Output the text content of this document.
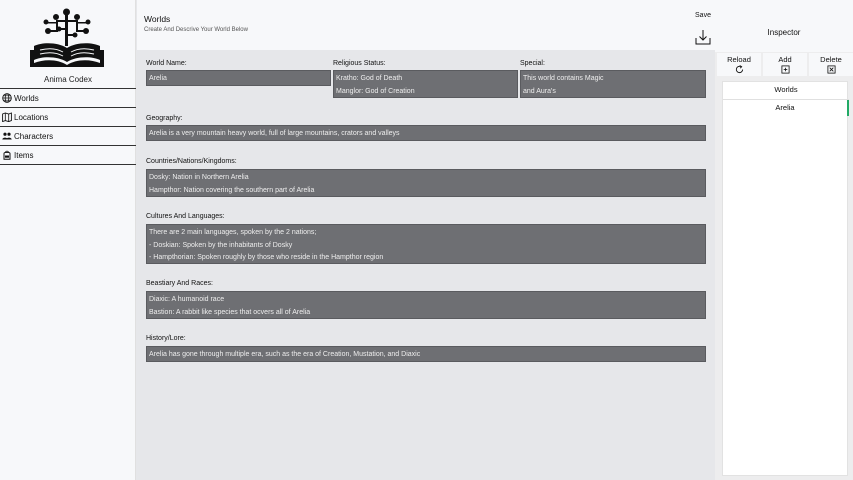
Anima Codex
Worlds
Locations
Characters
Items
Worlds
Create And Descrive Your World Below
Save
World Name:
Arelia
Religious Status:
Kratho: God of Death
Manglor: God of Creation
Special:
This world contains Magic
and Aura's
Geography:
Arelia is a very mountain heavy world, full of large mountains, crators and valleys
Countries/Nations/Kingdoms:
Dosky: Nation in Northern Arelia
Hampthor: Nation covering the southern part of Arelia
Cultures And Languages:
There are 2 main languages, spoken by the 2 nations;
- Doskian: Spoken by the inhabitants of Dosky
- Hampthorian: Spoken roughly by those who reside in the Hampthor region
Beastiary And Races:
Diaxic: A humanoid race
Bastion: A rabbit like species that ocvers all of Arelia
History/Lore:
Arelia has gone through multiple era, such as the era of Creation, Mustation, and Diaxic
Inspector
Reload	Add	Delete
Worlds
Arelia
